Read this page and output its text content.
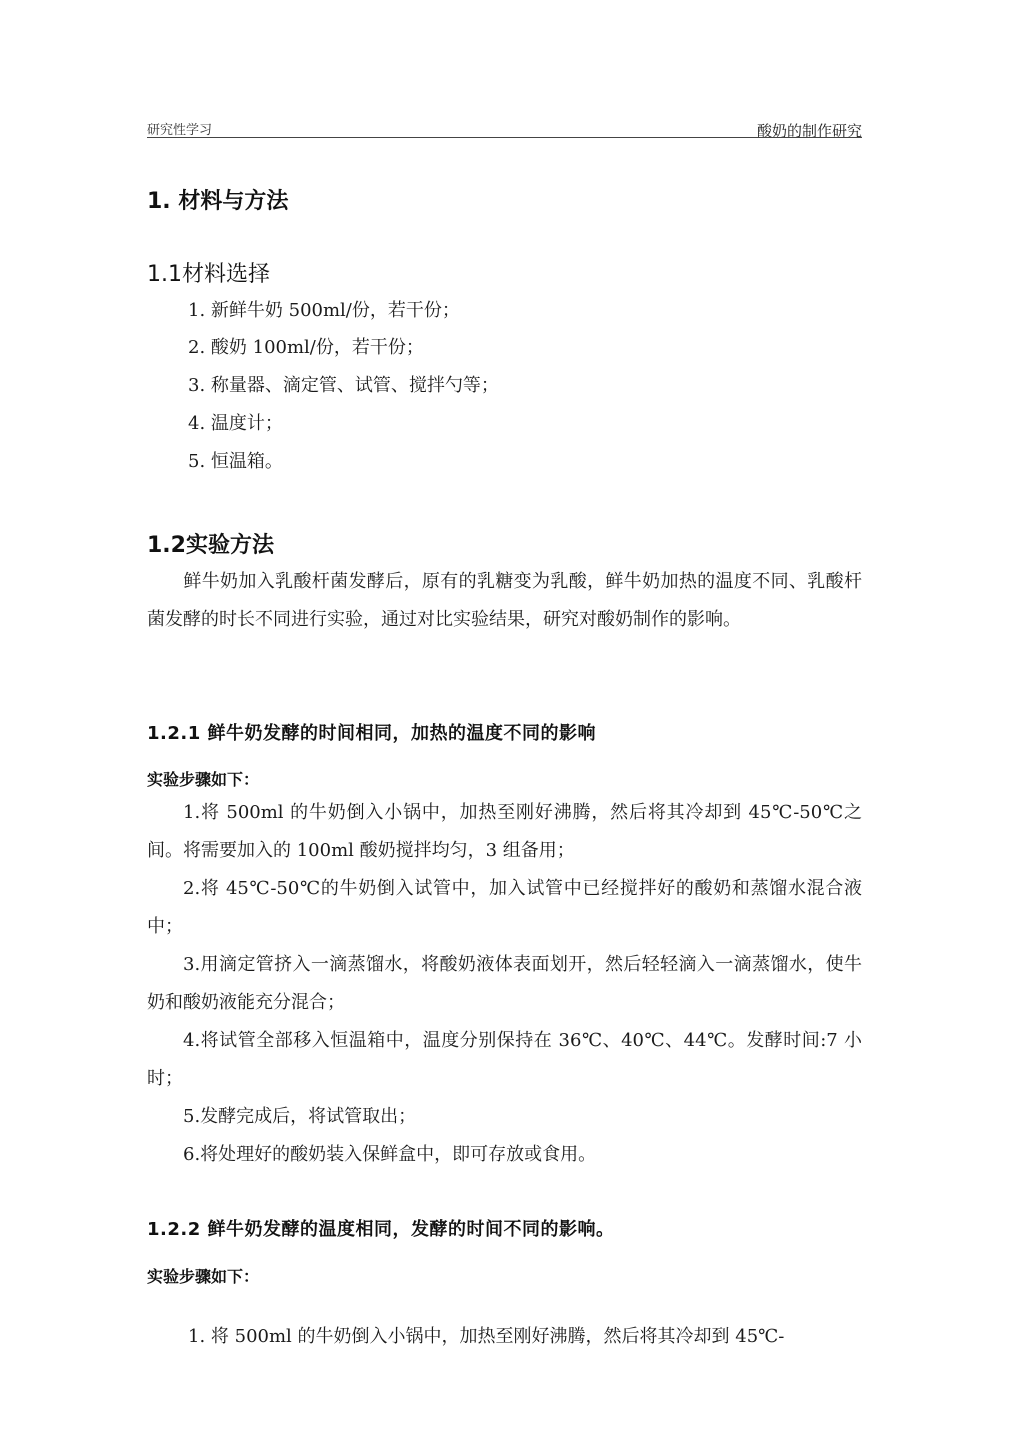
研究性学习	酸奶的制作研究
1. 材料与方法
1.1材料选择
1. 新鲜牛奶 500ml/份，若干份；
2. 酸奶 100ml/份，若干份；
3. 称量器、滴定管、试管、搅拌勺等；
4. 温度计；
5. 恒温箱。
1.2实验方法
鲜牛奶加入乳酸杆菌发酵后，原有的乳糖变为乳酸，鲜牛奶加热的温度不同、乳酸杆菌发酵的时长不同进行实验，通过对比实验结果，研究对酸奶制作的影响。
1.2.1 鲜牛奶发酵的时间相同，加热的温度不同的影响
实验步骤如下：
1.将 500ml 的牛奶倒入小锅中，加热至刚好沸腾，然后将其冷却到 45℃-50℃之间。将需要加入的 100ml 酸奶搅拌均匀，3 组备用；
2.将 45℃-50℃的牛奶倒入试管中，加入试管中已经搅拌好的酸奶和蒸馏水混合液中；
3.用滴定管挤入一滴蒸馏水，将酸奶液体表面划开，然后轻轻滴入一滴蒸馏水，使牛奶和酸奶液能充分混合；
4.将试管全部移入恒温箱中，温度分别保持在 36℃、40℃、44℃。发酵时间:7 小时；
5.发酵完成后，将试管取出；
6.将处理好的酸奶装入保鲜盒中，即可存放或食用。
1.2.2 鲜牛奶发酵的温度相同，发酵的时间不同的影响。
实验步骤如下：
1. 将 500ml 的牛奶倒入小锅中，加热至刚好沸腾，然后将其冷却到 45℃-
